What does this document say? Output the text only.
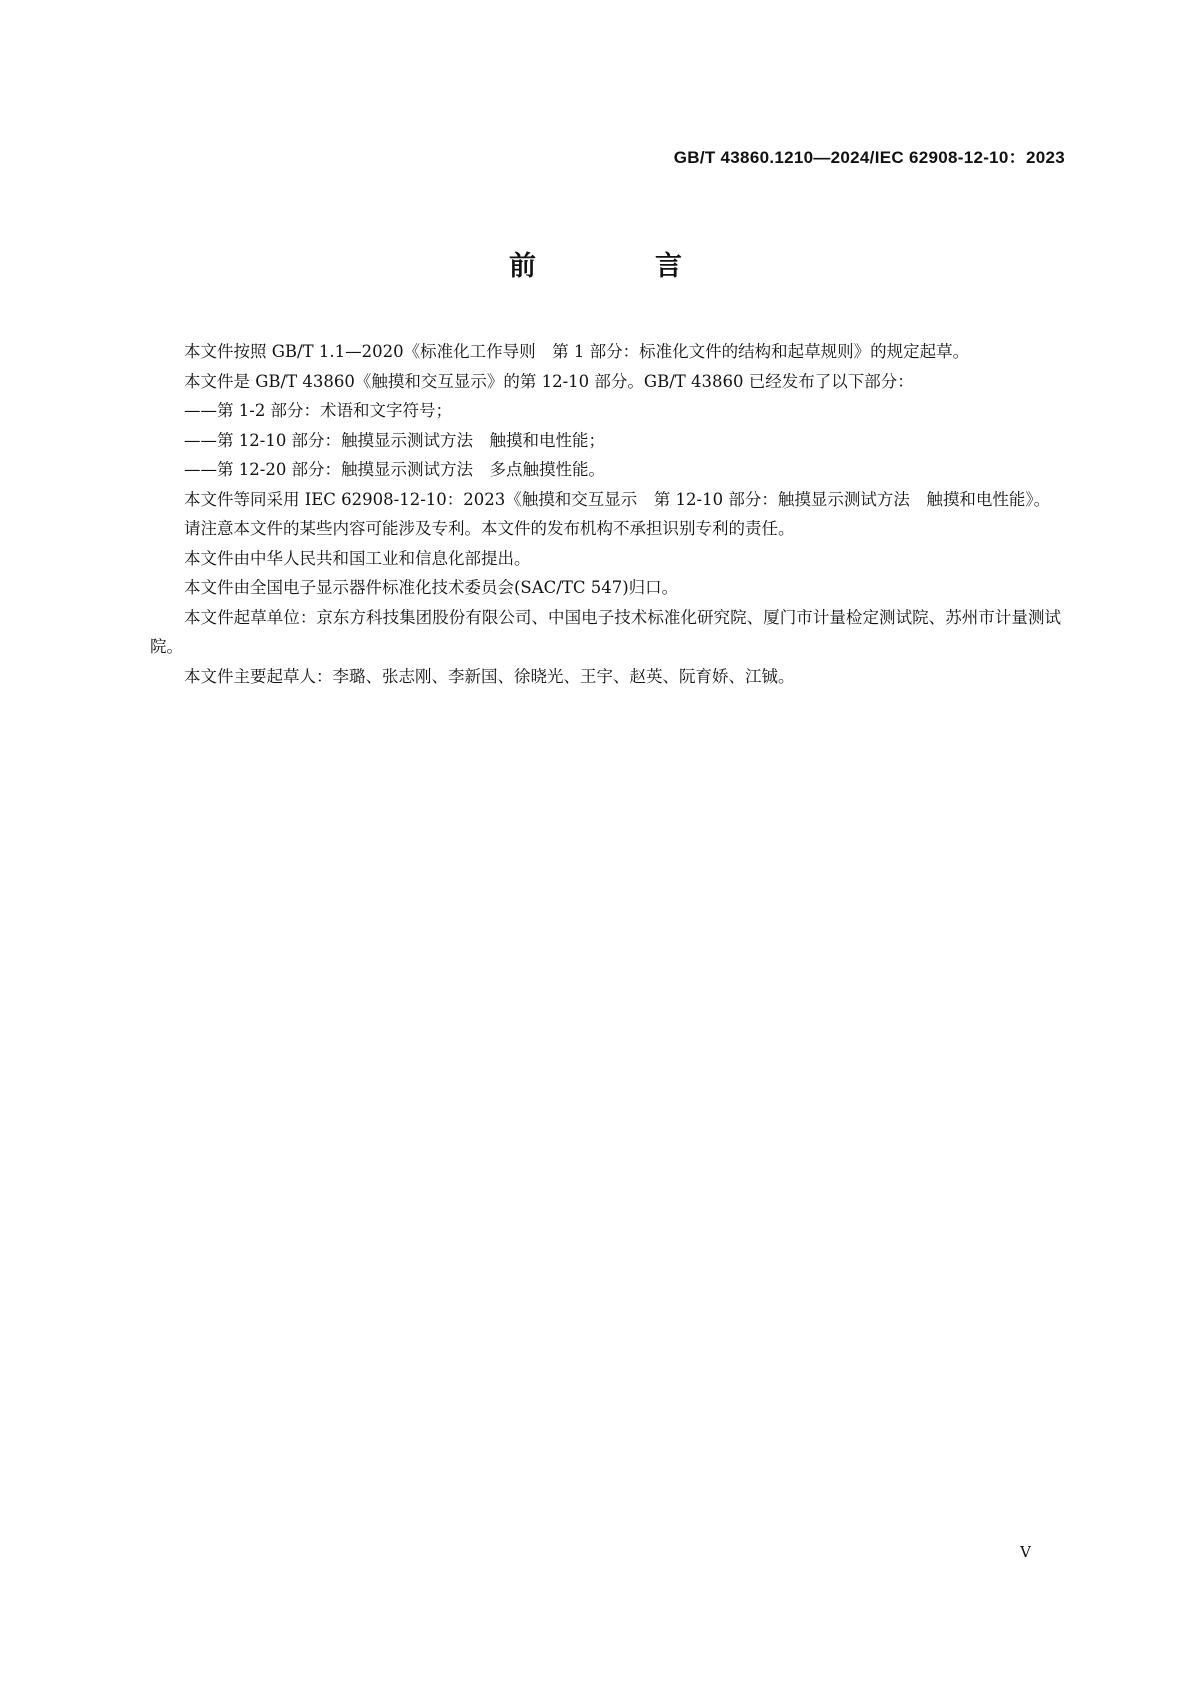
GB/T 43860.1210—2024/IEC 62908-12-10：2023
前　言

本文件按照 GB/T 1.1—2020《标准化工作导则　第 1 部分：标准化文件的结构和起草规则》的规定起草。

本文件是 GB/T 43860《触摸和交互显示》的第 12-10 部分。GB/T 43860 已经发布了以下部分：

——第 1-2 部分：术语和文字符号；

——第 12-10 部分：触摸显示测试方法　触摸和电性能；

——第 12-20 部分：触摸显示测试方法　多点触摸性能。

本文件等同采用 IEC 62908-12-10：2023《触摸和交互显示　第 12-10 部分：触摸显示测试方法　触摸和电性能》。

请注意本文件的某些内容可能涉及专利。本文件的发布机构不承担识别专利的责任。

本文件由中华人民共和国工业和信息化部提出。

本文件由全国电子显示器件标准化技术委员会(SAC/TC 547)归口。

本文件起草单位：京东方科技集团股份有限公司、中国电子技术标准化研究院、厦门市计量检定测试院、苏州市计量测试院。

本文件主要起草人：李璐、张志刚、李新国、徐晓光、王宇、赵英、阮育娇、江铖。

V
